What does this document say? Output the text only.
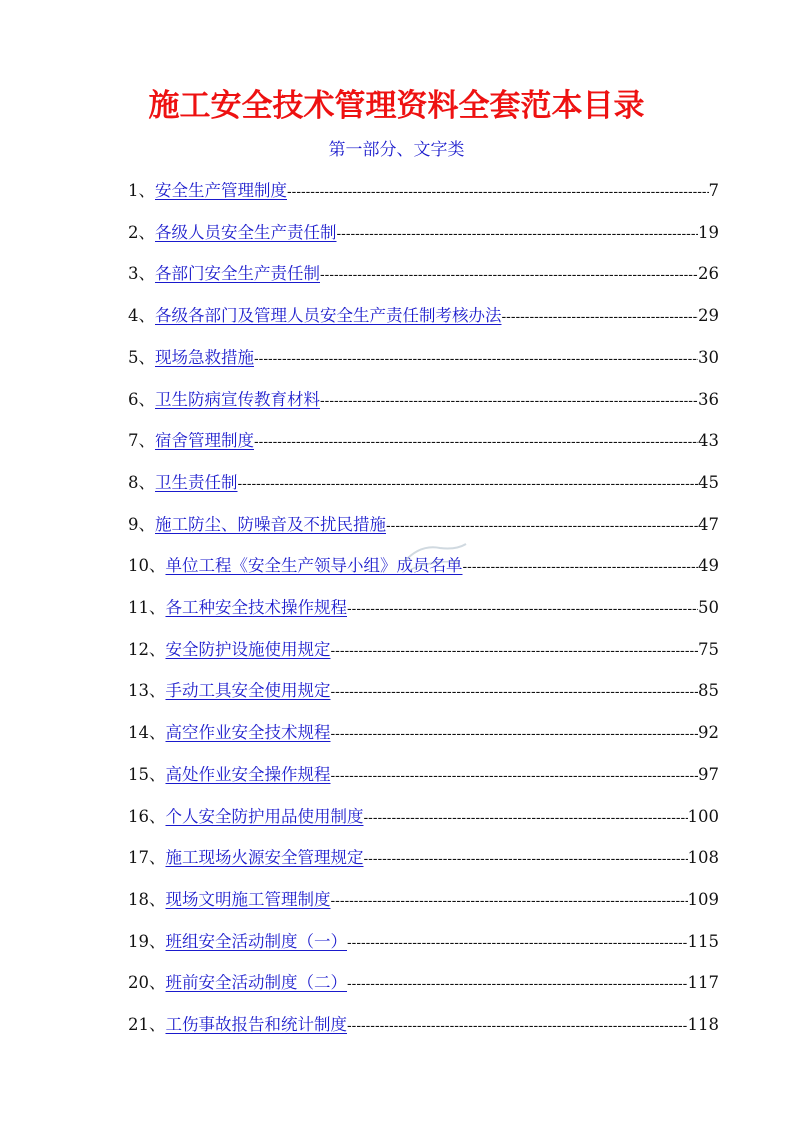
施工安全技术管理资料全套范本目录
第一部分、文字类
1、 安全生产管理制度 -----	7
2、 各级人员安全生产责任制 -----	19
3、 各部门安全生产责任制 -----	26
4、 各级各部门及管理人员安全生产责任制考核办法 -----	29
5、 现场急救措施 -----	30
6、 卫生防病宣传教育材料 -----	36
7、 宿舍管理制度 -----	43
8、 卫生责任制 -----	45
9、 施工防尘、防噪音及不扰民措施 -----	47
10、 单位工程《安全生产领导小组》成员名单 -----	49
11、 各工种安全技术操作规程 -----	50
12、 安全防护设施使用规定 -----	75
13、 手动工具安全使用规定 -----	85
14、 高空作业安全技术规程 -----	92
15、 高处作业安全操作规程 -----	97
16、 个人安全防护用品使用制度 -----	100
17、 施工现场火源安全管理规定 -----	108
18、 现场文明施工管理制度 -----	109
19、 班组安全活动制度（一） -----	115
20、 班前安全活动制度（二） -----	117
21、 工伤事故报告和统计制度 -----	118
